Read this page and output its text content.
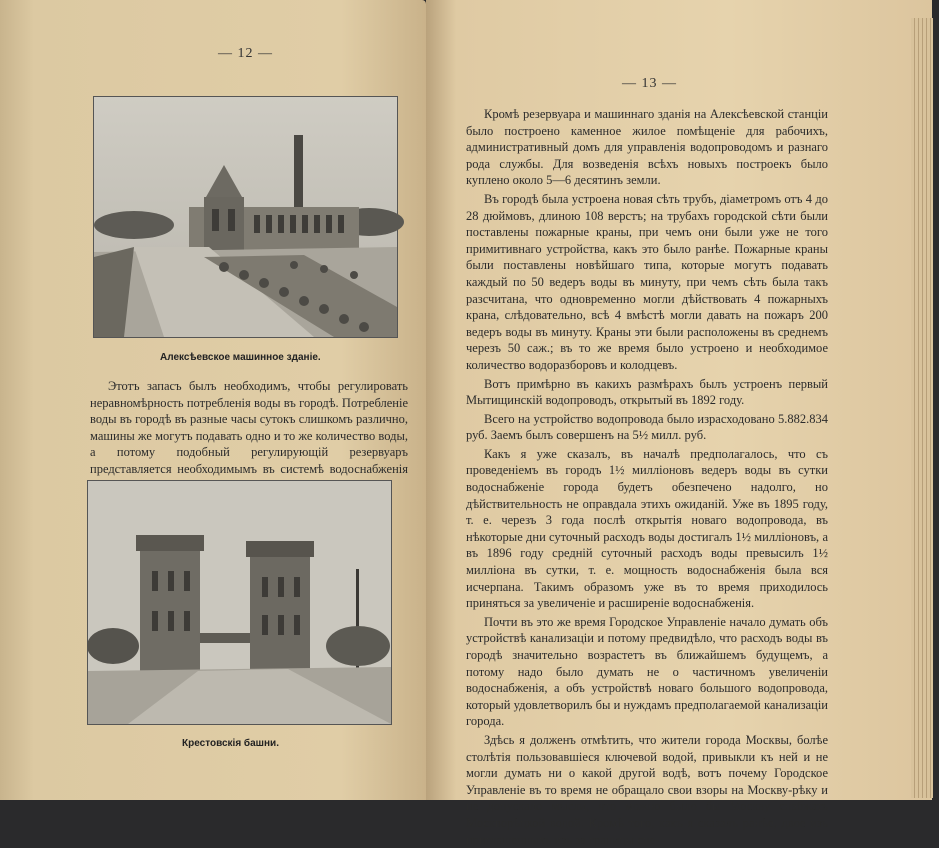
— 12 —
Алексѣевское машинное зданіе.

Этотъ запасъ былъ необходимъ, чтобы регулировать неравномѣрность потребленія воды въ городѣ. Потребленіе воды въ городѣ въ разные часы сутокъ слишкомъ различно, машины же могутъ подавать одно и то же количество воды, а потому подобный регулирующій резервуаръ представляется необходимымъ въ системѣ водоснабженія

Крестовскія башни.
— 13 —

Кромѣ резервуара и машиннаго зданія на Алексѣевской станціи было построено каменное жилое помѣщеніе для рабочихъ, административный домъ для управленія водопроводомъ и разнаго рода службы. Для возведенія всѣхъ новыхъ построекъ было куплено около 5—6 десятинъ земли.

Въ городѣ была устроена новая сѣть трубъ, діаметромъ отъ 4 до 28 дюймовъ, длиною 108 верстъ; на трубахъ городской сѣти были поставлены пожарные краны, при чемъ они были уже не того примитивнаго устройства, какъ это было ранѣе. Пожарные краны были поставлены новѣйшаго типа, которые могутъ подавать каждый по 50 ведеръ воды въ минуту, при чемъ сѣть была такъ разсчитана, что одновременно могли дѣйствовать 4 пожарныхъ крана, слѣдовательно, всѣ 4 вмѣстѣ могли давать на пожаръ 200 ведеръ воды въ минуту. Краны эти были расположены въ среднемъ черезъ 50 саж.; въ то же время было устроено и необходимое количество водоразборовъ и колодцевъ.

Вотъ примѣрно въ какихъ размѣрахъ былъ устроенъ первый Мытищинскій водопроводъ, открытый въ 1892 году.

Всего на устройство водопровода было израсходовано 5.882.834 руб. Заемъ былъ совершенъ на 5½ милл. руб.

Какъ я уже сказалъ, въ началѣ предполагалось, что съ проведеніемъ въ городъ 1½ милліоновъ ведеръ воды въ сутки водоснабженіе города будетъ обезпечено надолго, но дѣйствительность не оправдала этихъ ожиданій. Уже въ 1895 году, т. е. черезъ 3 года послѣ открытія новаго водопровода, въ нѣкоторые дни суточный расходъ воды достигалъ 1½ милліоновъ, а въ 1896 году средній суточный расходъ воды превысилъ 1½ милліона въ сутки, т. е. мощность водоснабженія была вся исчерпана. Такимъ образомъ уже въ то время приходилось приняться за увеличеніе и расширеніе водоснабженія.

Почти въ это же время Городское Управленіе начало думать объ устройствѣ канализаціи и потому предвидѣло, что расходъ воды въ городѣ значительно возрастетъ въ ближайшемъ будущемъ, а потому надо было думать не о частичномъ увеличеніи водоснабженія, а объ устройствѣ новаго большого водопровода, который удовлетворилъ бы и нуждамъ предполагаемой канализаціи города.

Здѣсь я долженъ отмѣтить, что жители города Москвы, болѣе столѣтія пользовавшіеся ключевой водой, привыкли къ ней и не могли думать ни о какой другой водѣ, вотъ почему Городское Управленіе въ то время не обращало свои взоры на Москву-рѣку и не допускало мысли, что можно было бы Москву снабжать Москворѣцкой водой. Кромѣ того, какъ я сказалъ ранѣе, двое изъ приглашенныхъ изъ за границы спе-
